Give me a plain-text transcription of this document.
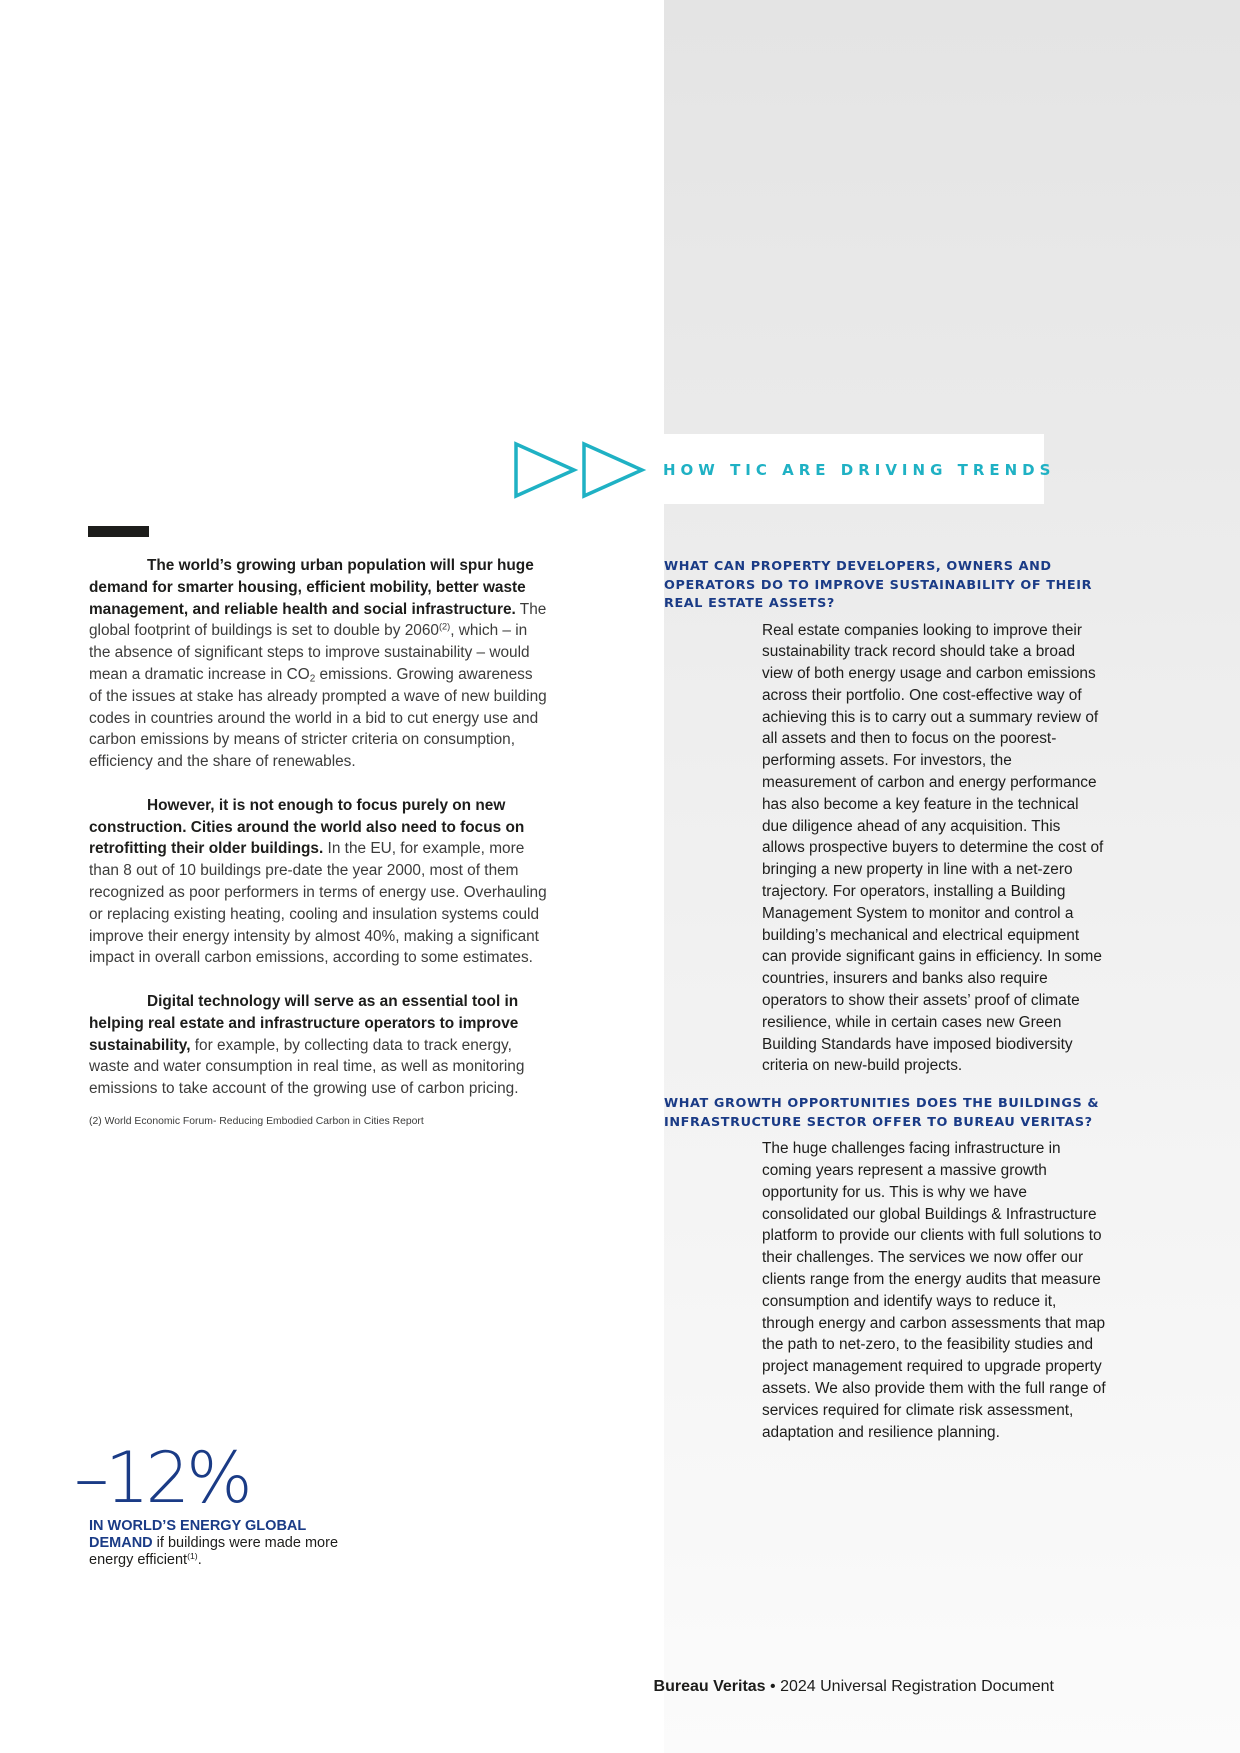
HOW TIC ARE DRIVING TRENDS

The world’s growing urban population will spur huge demand for smarter housing, efficient mobility, better waste management, and reliable health and social infrastructure. The global footprint of buildings is set to double by 2060$^{(2)}$, which – in the absence of significant steps to improve sustainability – would mean a dramatic increase in $CO_2$ emissions. Growing awareness of the issues at stake has already prompted a wave of new building codes in countries around the world in a bid to cut energy use and carbon emissions by means of stricter criteria on consumption, efficiency and the share of renewables.

However, it is not enough to focus purely on new construction. Cities around the world also need to focus on retrofitting their older buildings. In the EU, for example, more than 8 out of 10 buildings pre-date the year 2000, most of them recognized as poor performers in terms of energy use. Overhauling or replacing existing heating, cooling and insulation systems could improve their energy intensity by almost 40%, making a significant impact in overall carbon emissions, according to some estimates.

Digital technology will serve as an essential tool in helping real estate and infrastructure operators to improve sustainability, for example, by collecting data to track energy, waste and water consumption in real time, as well as monitoring emissions to take account of the growing use of carbon pricing.

(2) World Economic Forum- Reducing Embodied Carbon in Cities Report
–12%
IN WORLD’S ENERGY GLOBAL DEMAND if buildings were made more energy efficient$^{(1)}$.
WHAT CAN PROPERTY DEVELOPERS, OWNERS AND OPERATORS DO TO IMPROVE SUSTAINABILITY OF THEIR REAL ESTATE ASSETS?

Real estate companies looking to improve their sustainability track record should take a broad view of both energy usage and carbon emissions across their portfolio. One cost-effective way of achieving this is to carry out a summary review of all assets and then to focus on the poorest-performing assets. For investors, the measurement of carbon and energy performance has also become a key feature in the technical due diligence ahead of any acquisition. This allows prospective buyers to determine the cost of bringing a new property in line with a net-zero trajectory. For operators, installing a Building Management System to monitor and control a building’s mechanical and electrical equipment can provide significant gains in efficiency. In some countries, insurers and banks also require operators to show their assets’ proof of climate resilience, while in certain cases new Green Building Standards have imposed biodiversity criteria on new-build projects.

WHAT GROWTH OPPORTUNITIES DOES THE BUILDINGS & INFRASTRUCTURE SECTOR OFFER TO BUREAU VERITAS?

The huge challenges facing infrastructure in coming years represent a massive growth opportunity for us. This is why we have consolidated our global Buildings & Infrastructure platform to provide our clients with full solutions to their challenges. The services we now offer our clients range from the energy audits that measure consumption and identify ways to reduce it, through energy and carbon assessments that map the path to net-zero, to the feasibility studies and project management required to upgrade property assets. We also provide them with the full range of services required for climate risk assessment, adaptation and resilience planning.

Bureau Veritas • 2024 Universal Registration Document
